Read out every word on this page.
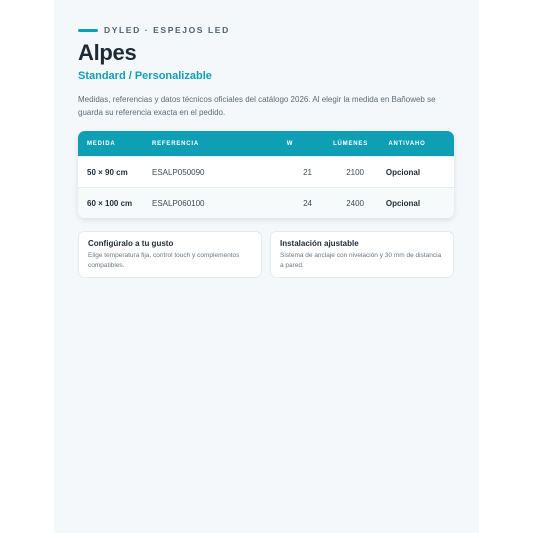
DYLED · ESPEJOS LED
Alpes
Standard / Personalizable
Medidas, referencias y datos técnicos oficiales del catálogo 2026. Al elegir la medida en Bañoweb se guarda su referencia exacta en el pedido.
MEDIDA	REFERENCIA	W	LÚMENES	ANTIVAHO
50 × 90 cm	ESALP050090	21	2100	Opcional
60 × 100 cm	ESALP060100	24	2400	Opcional
Configúralo a tu gusto
Elige temperatura fija, control touch y complementos compatibles.
Instalación ajustable
Sistema de anclaje con nivelación y 30 mm de distancia a pared.
